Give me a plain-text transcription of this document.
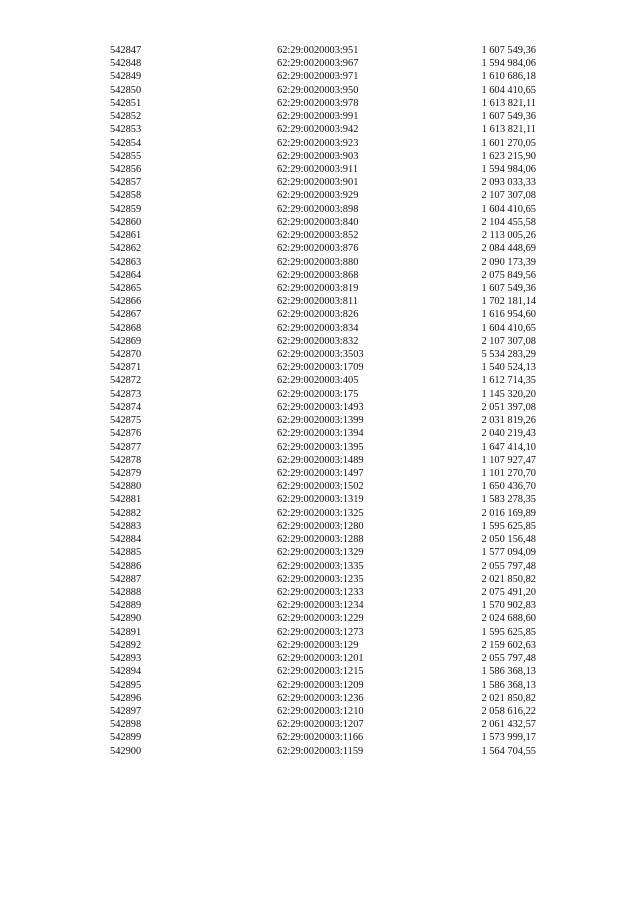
542847	62:29:0020003:951	1 607 549,36
542848	62:29:0020003:967	1 594 984,06
542849	62:29:0020003:971	1 610 686,18
542850	62:29:0020003:950	1 604 410,65
542851	62:29:0020003:978	1 613 821,11
542852	62:29:0020003:991	1 607 549,36
542853	62:29:0020003:942	1 613 821,11
542854	62:29:0020003:923	1 601 270,05
542855	62:29:0020003:903	1 623 215,90
542856	62:29:0020003:911	1 594 984,06
542857	62:29:0020003:901	2 093 033,33
542858	62:29:0020003:929	2 107 307,08
542859	62:29:0020003:898	1 604 410,65
542860	62:29:0020003:840	2 104 455,58
542861	62:29:0020003:852	2 113 005,26
542862	62:29:0020003:876	2 084 448,69
542863	62:29:0020003:880	2 090 173,39
542864	62:29:0020003:868	2 075 849,56
542865	62:29:0020003:819	1 607 549,36
542866	62:29:0020003:811	1 702 181,14
542867	62:29:0020003:826	1 616 954,60
542868	62:29:0020003:834	1 604 410,65
542869	62:29:0020003:832	2 107 307,08
542870	62:29:0020003:3503	5 534 283,29
542871	62:29:0020003:1709	1 540 524,13
542872	62:29:0020003:405	1 612 714,35
542873	62:29:0020003:175	1 145 320,20
542874	62:29:0020003:1493	2 051 397,08
542875	62:29:0020003:1399	2 031 819,26
542876	62:29:0020003:1394	2 040 219,43
542877	62:29:0020003:1395	1 647 414,10
542878	62:29:0020003:1489	1 107 927,47
542879	62:29:0020003:1497	1 101 270,70
542880	62:29:0020003:1502	1 650 436,70
542881	62:29:0020003:1319	1 583 278,35
542882	62:29:0020003:1325	2 016 169,89
542883	62:29:0020003:1280	1 595 625,85
542884	62:29:0020003:1288	2 050 156,48
542885	62:29:0020003:1329	1 577 094,09
542886	62:29:0020003:1335	2 055 797,48
542887	62:29:0020003:1235	2 021 850,82
542888	62:29:0020003:1233	2 075 491,20
542889	62:29:0020003:1234	1 570 902,83
542890	62:29:0020003:1229	2 024 688,60
542891	62:29:0020003:1273	1 595 625,85
542892	62:29:0020003:129	2 159 602,63
542893	62:29:0020003:1201	2 055 797,48
542894	62:29:0020003:1215	1 586 368,13
542895	62:29:0020003:1209	1 586 368,13
542896	62:29:0020003:1236	2 021 850,82
542897	62:29:0020003:1210	2 058 616,22
542898	62:29:0020003:1207	2 061 432,57
542899	62:29:0020003:1166	1 573 999,17
542900	62:29:0020003:1159	1 564 704,55
